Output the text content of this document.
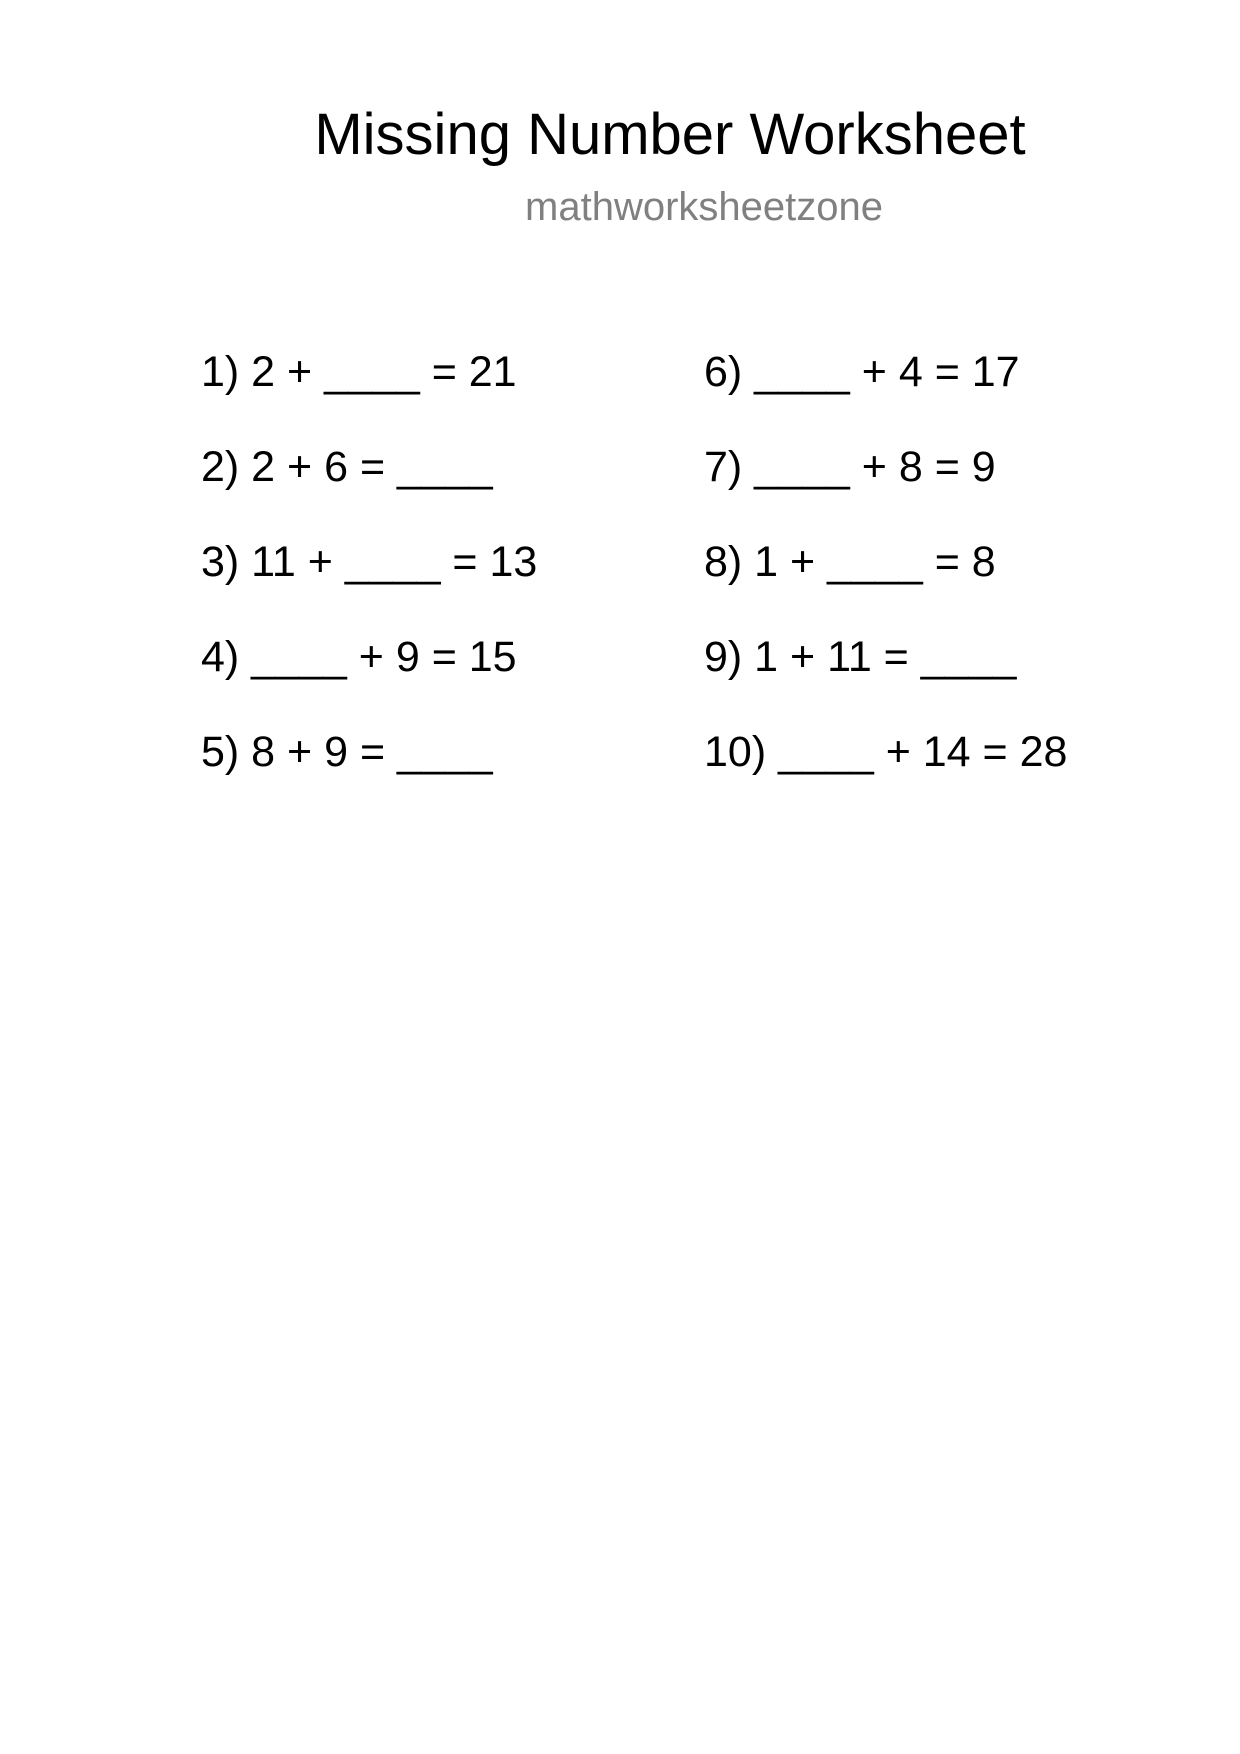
Missing Number Worksheet
mathworksheetzone
1) 2 + ____ = 21
2) 2 + 6 = ____
3) 11 + ____ = 13
4) ____ + 9 = 15
5) 8 + 9 = ____
6) ____ + 4 = 17
7) ____ + 8 = 9
8) 1 + ____ = 8
9) 1 + 11 = ____
10) ____ + 14 = 28
